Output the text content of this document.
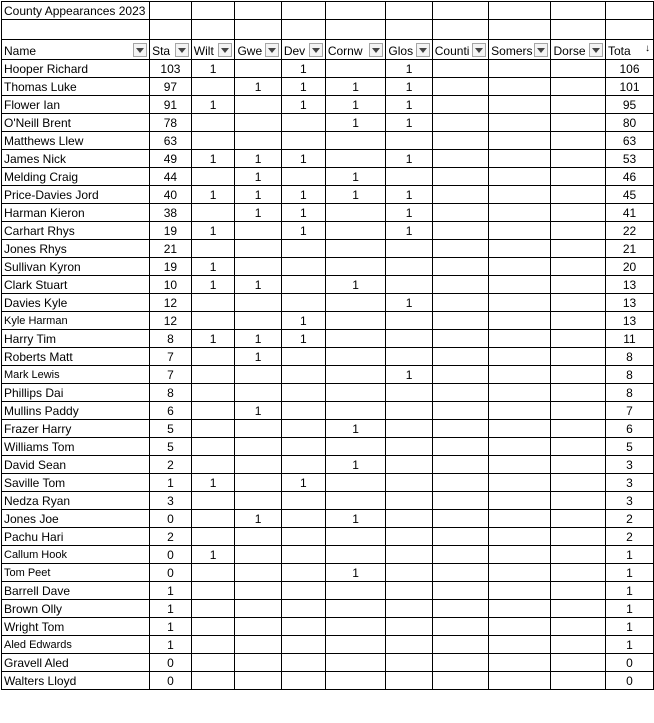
County Appearances 2023										

Name	Sta	Wilt	Gwe	Dev	Cornw	Glos	Counti	Somers	Dorse	Tota ↓

Hooper Richard	103	1		1		1				106
Thomas Luke	97		1	1	1	1				101
Flower Ian	91	1		1	1	1				95
O'Neill Brent	78				1	1				80
Matthews Llew	63									63
James Nick	49	1	1	1		1				53
Melding Craig	44		1		1					46
Price-Davies Jord	40	1	1	1	1	1				45
Harman Kieron	38		1	1		1				41
Carhart Rhys	19	1		1		1				22
Jones Rhys	21									21
Sullivan Kyron	19	1								20
Clark Stuart	10	1	1		1					13
Davies Kyle	12					1				13
Kyle Harman	12			1						13
Harry Tim	8	1	1	1						11
Roberts Matt	7		1							8
Mark Lewis	7					1				8
Phillips Dai	8									8
Mullins Paddy	6		1							7
Frazer Harry	5				1					6
Williams Tom	5									5
David Sean	2				1					3
Saville Tom	1	1		1						3
Nedza Ryan	3									3
Jones Joe	0		1		1					2
Pachu Hari	2									2
Callum Hook	0	1								1
Tom Peet	0				1					1
Barrell Dave	1									1
Brown Olly	1									1
Wright Tom	1									1
Aled Edwards	1									1
Gravell Aled	0									0
Walters Lloyd	0									0
